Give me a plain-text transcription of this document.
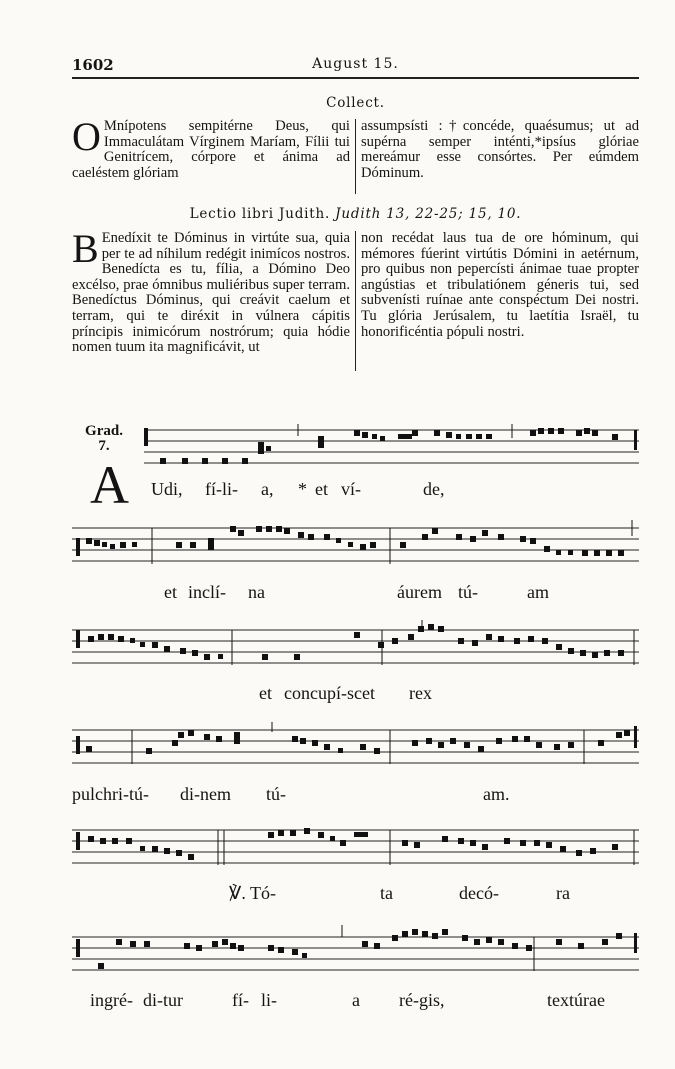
1602	August 15.
Collect.
O Mnípotens sempitérne Deus, qui Immaculátam Vírginem Maríam, Fílii tui Genitrícem, córpore et ánima ad caeléstem glóriam

assumpsísti :†concéde, quaésumus; ut ad supérna semper inténti,*ipsíus glóriae mereámur esse consórtes. Per eúmdem Dóminum.

Lectio libri Judith. Judith 13, 22-25; 15, 10.
B Enedíxit te Dóminus in virtúte sua, quia per te ad níhilum redégit inimícos nostros. Benedícta es tu, fília, a Dómino Deo excélso, prae ómnibus muliéribus super terram. Benedíctus Dóminus, qui creávit caelum et terram, qui te diréxit in vúlnera cápitis príncipis inimicórum nostrórum; quia hódie nomen tuum ita magnificávit, ut

non recédat laus tua de ore hóminum, qui mémores fúerint virtútis Dómini in aetérnum, pro quibus non pepercísti ánimae tuae propter angústias et tribulatiónem géneris tui, sed subvenísti ruínae ante conspéctum Dei nostri. Tu glória Jerúsalem, tu laetítia Israël, tu honorificéntia pópuli nostri.

Grad.
7.
A Udi, fí-li- a, * et ví-	de,
et inclí- na	áurem tú-	am
et concupí-scet rex
pulchri-tú- di-nem tú-	am.
℣. Tó-	ta	decó-	ra
ingré- di-tur	fí- li-	a ré-gis,	textúrae
